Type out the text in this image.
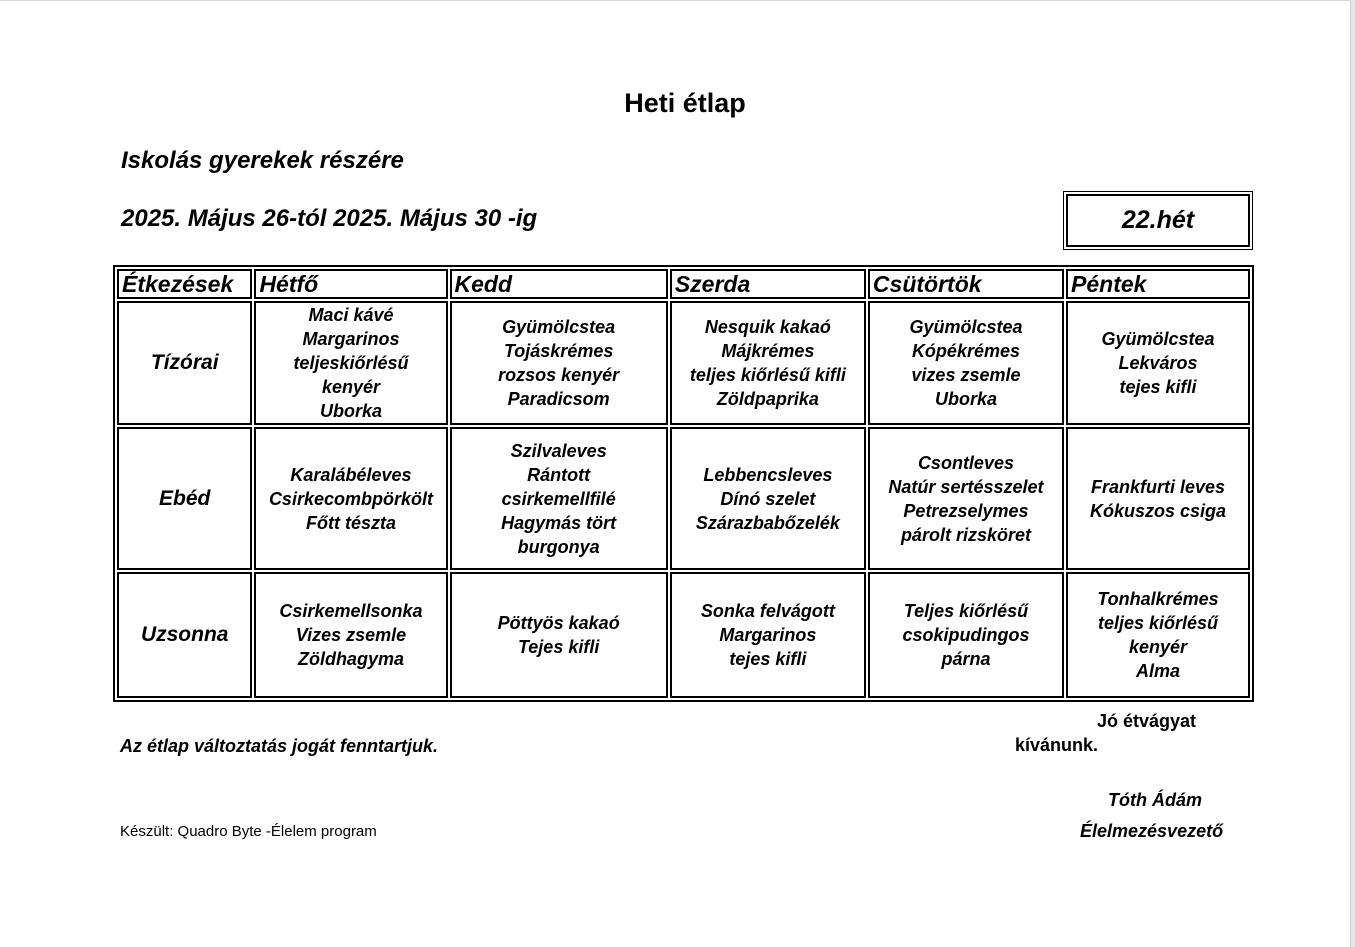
Heti étlap
Iskolás gyerekek részére
2025. Május 26-tól 2025. Május 30 -ig	22.hét
Étkezések	Hétfő	Kedd	Szerda	Csütörtök	Péntek
Tízórai	Maci kávé
Margarinos
teljeskiőrlésű
kenyér
Uborka	Gyümölcstea
Tojáskrémes
rozsos kenyér
Paradicsom	Nesquik kakaó
Májkrémes
teljes kiőrlésű kifli
Zöldpaprika	Gyümölcstea
Kópékrémes
vizes zsemle
Uborka	Gyümölcstea
Lekváros
tejes kifli

Ebéd	Karalábéleves
Csirkecombpörkölt
Főtt tészta	Szilvaleves
Rántott
csirkemellfilé
Hagymás tört
burgonya	Lebbencsleves
Dínó szelet
Szárazbabőzelék	Csontleves
Natúr sertésszelet
Petrezselymes
párolt rizsköret	Frankfurti leves
Kókuszos csiga

Uzsonna	Csirkemellsonka
Vizes zsemle
Zöldhagyma	Pöttyös kakaó
Tejes kifli	Sonka felvágott
Margarinos
tejes kifli	Teljes kiőrlésű
csokipudingos
párna	Tonhalkrémes
teljes kiőrlésű
kenyér
Alma
Az étlap változtatás jogát fenntartjuk.
Jó étvágyat
kívánunk.
Tóth Ádám
Élelmezésvezető
Készült: Quadro Byte -Élelem program
